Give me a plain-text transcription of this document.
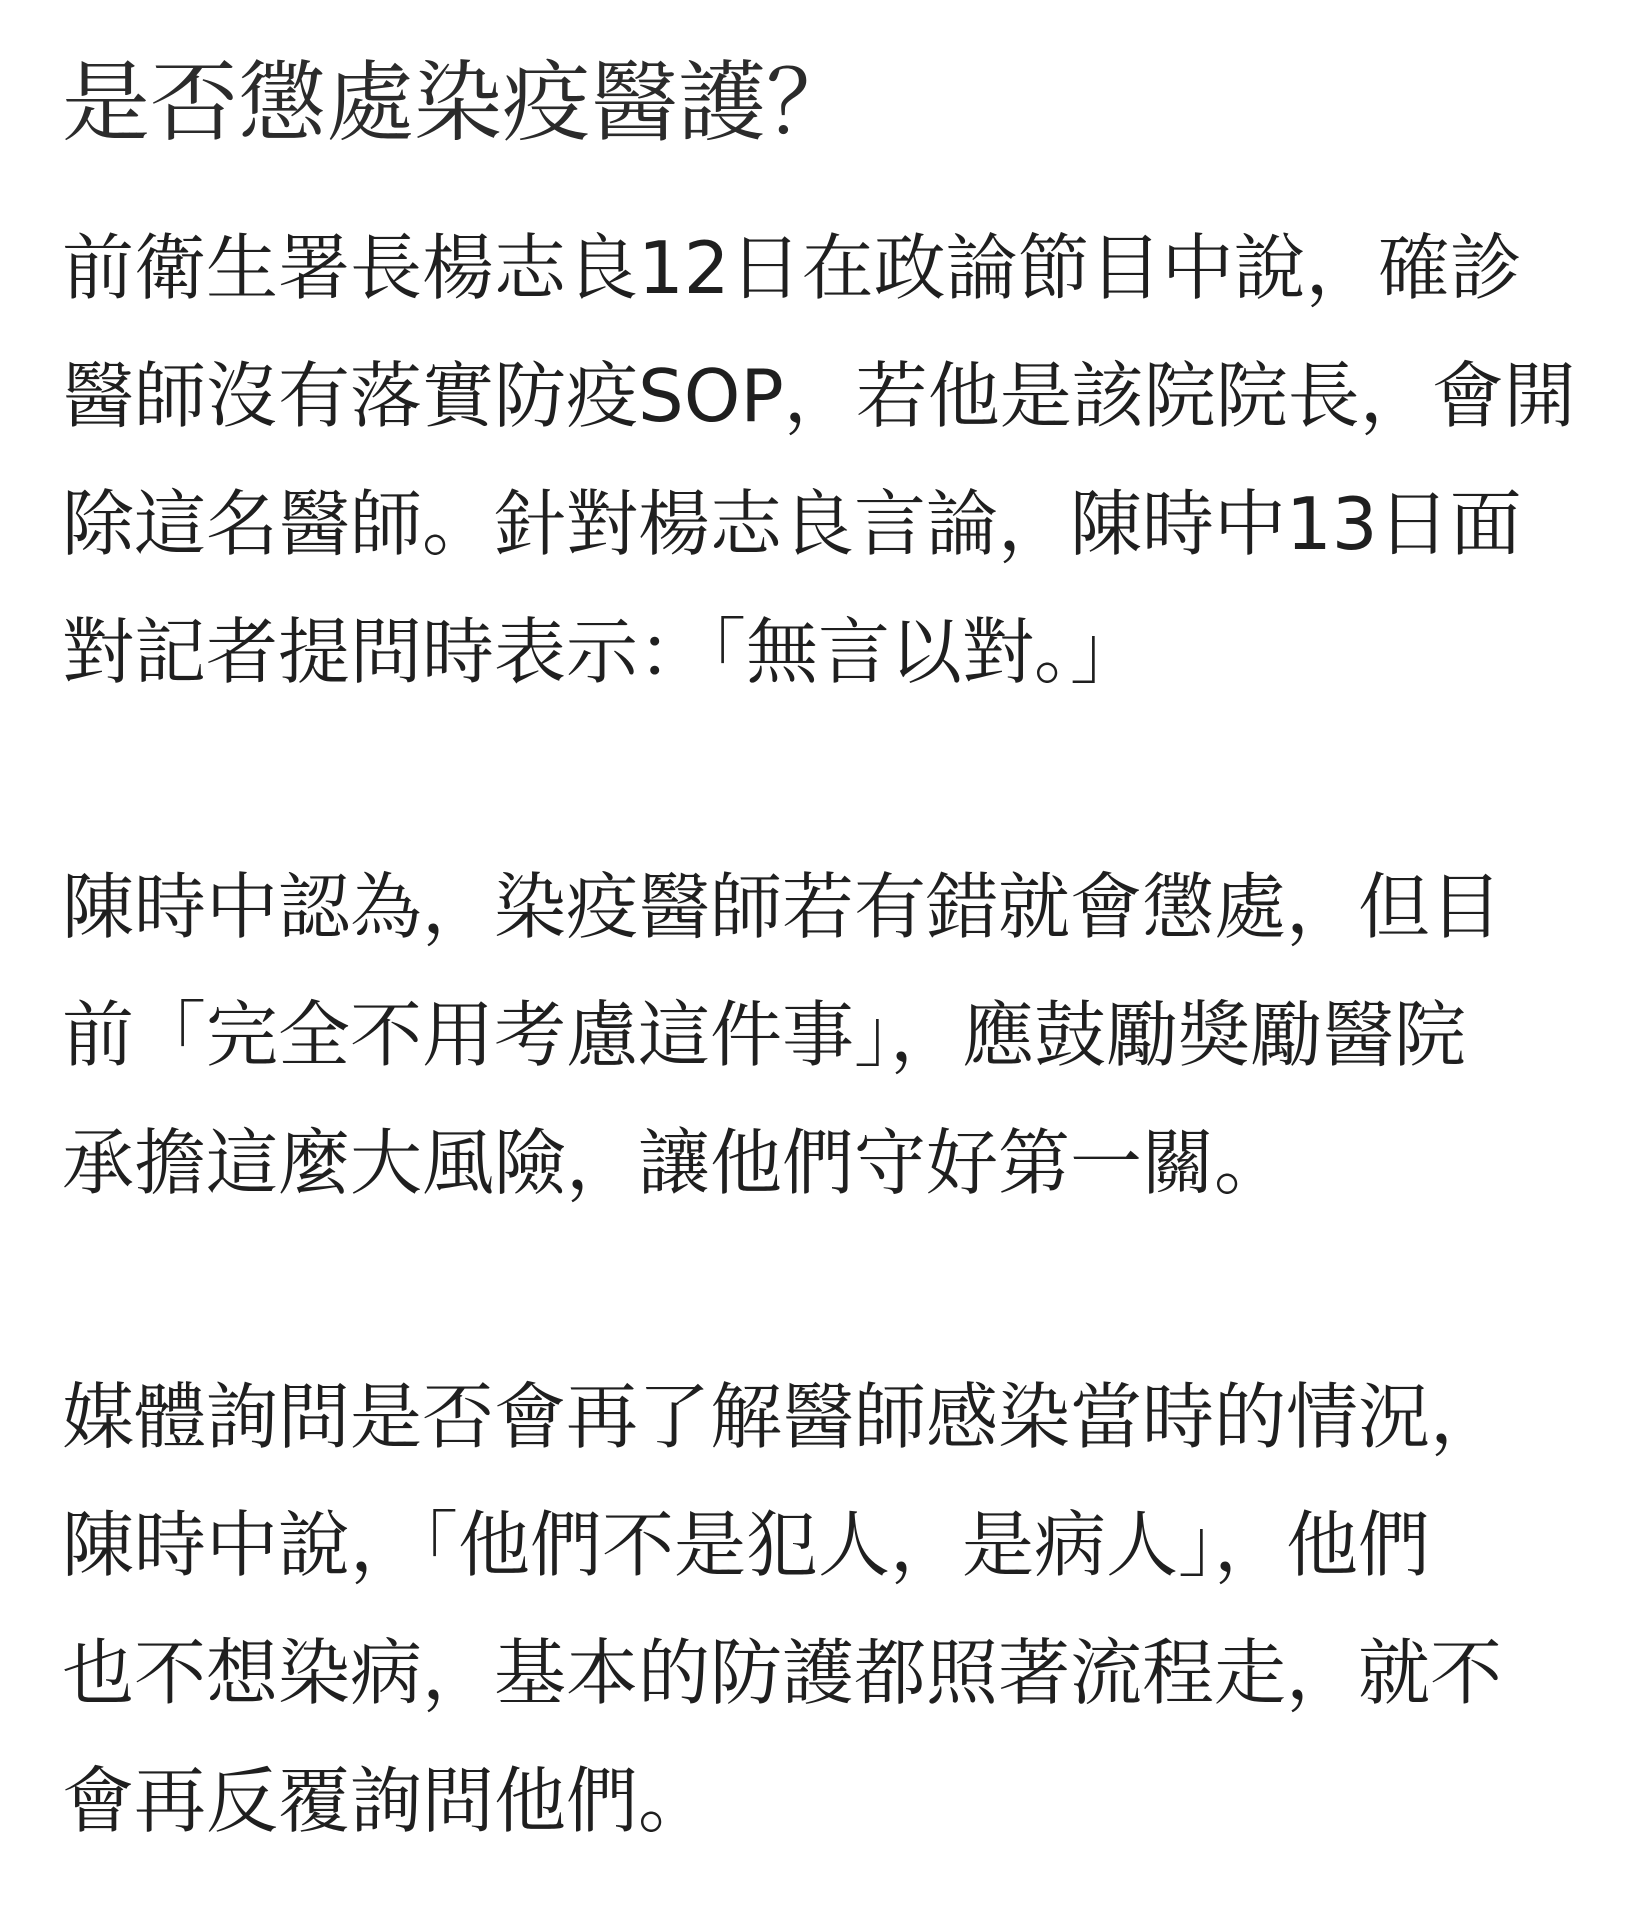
是否懲處染疫醫護？

前衛生署長楊志良12日在政論節目中說，確診
醫師沒有落實防疫SOP，若他是該院院長，會開
除這名醫師。針對楊志良言論，陳時中13日面
對記者提問時表示：「無言以對。」

陳時中認為，染疫醫師若有錯就會懲處，但目
前「完全不用考慮這件事」，應鼓勵獎勵醫院
承擔這麼大風險，讓他們守好第一關。

媒體詢問是否會再了解醫師感染當時的情況，
陳時中說，「他們不是犯人，是病人」，他們
也不想染病，基本的防護都照著流程走，就不
會再反覆詢問他們。
